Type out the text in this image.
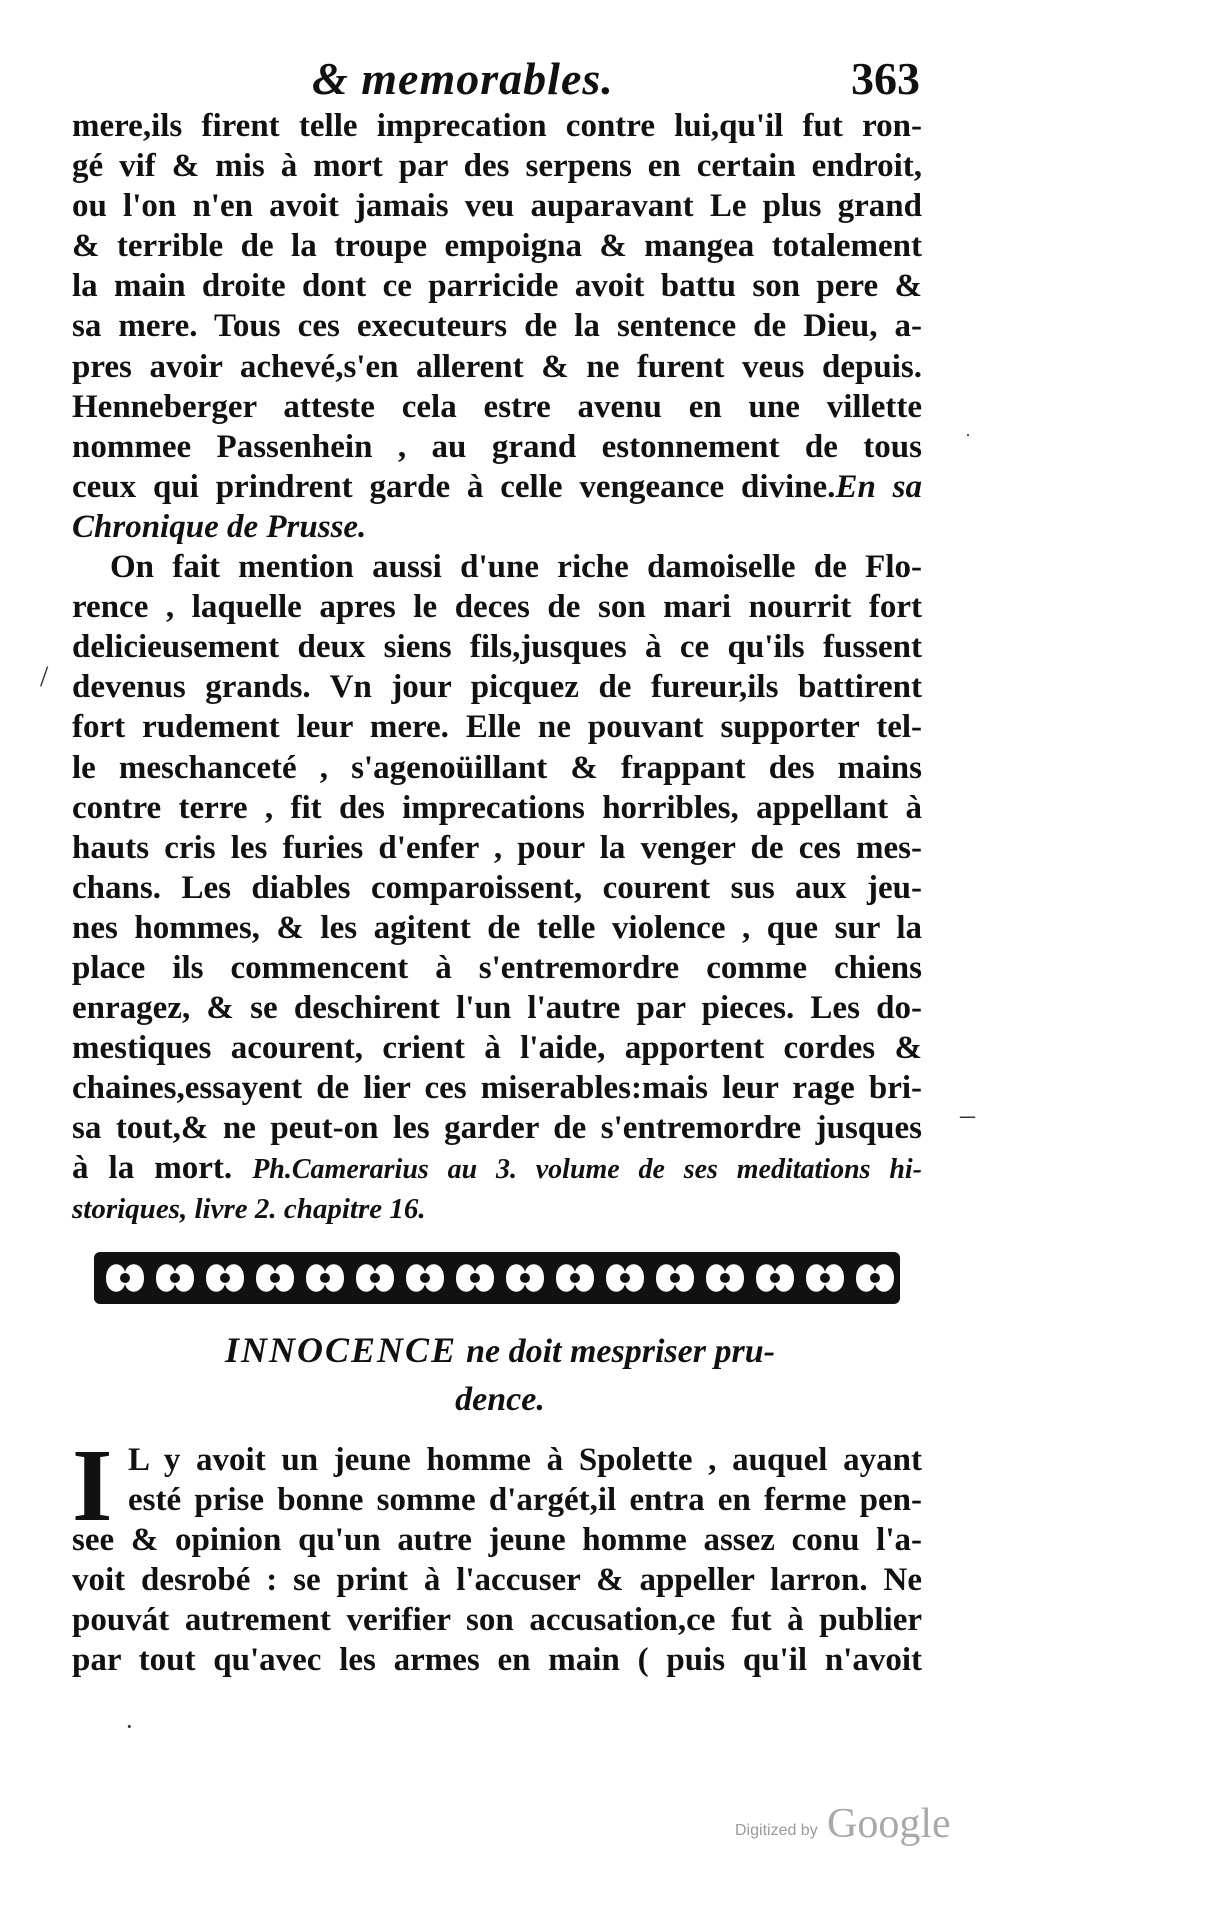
& memorables.	363
mere,ils firent telle imprecation contre lui,qu'il fut ron-
gé vif & mis à mort par des serpens en certain endroit,
ou l'on n'en avoit jamais veu auparavant Le plus grand
& terrible de la troupe empoigna & mangea totalement
la main droite dont ce parricide avoit battu son pere &
sa mere. Tous ces executeurs de la sentence de Dieu, a-
pres avoir achevé,s'en allerent & ne furent veus depuis.
Henneberger atteste cela estre avenu en une villette
nommee Passenhein , au grand estonnement de tous
ceux qui prindrent garde à celle vengeance divine.En sa
Chronique de Prusse.
On fait mention aussi d'une riche damoiselle de Flo-
rence , laquelle apres le deces de son mari nourrit fort
delicieusement deux siens fils,jusques à ce qu'ils fussent
devenus grands. Vn jour picquez de fureur,ils battirent
fort rudement leur mere. Elle ne pouvant supporter tel-
le meschanceté , s'agenoüillant & frappant des mains
contre terre , fit des imprecations horribles, appellant à
hauts cris les furies d'enfer , pour la venger de ces mes-
chans. Les diables comparoissent, courent sus aux jeu-
nes hommes, & les agitent de telle violence , que sur la
place ils commencent à s'entremordre comme chiens
enragez, & se deschirent l'un l'autre par pieces. Les do-
mestiques acourent, crient à l'aide, apportent cordes &
chaines,essayent de lier ces miserables:mais leur rage bri-
sa tout,& ne peut-on les garder de s'entremordre jusques
à la mort. Ph.Camerarius au 3. volume de ses meditations hi-
storiques, livre 2. chapitre 16.
INNOCENCE ne doit mespriser pru-
dence.
I L y avoit un jeune homme à Spolette , auquel ayant
esté prise bonne somme d'argét,il entra en ferme pen-
see & opinion qu'un autre jeune homme assez conu l'a-
voit desrobé : se print à l'accuser & appeller larron. Ne
pouvát autrement verifier son accusation,ce fut à publier
par tout qu'avec les armes en main ( puis qu'il n'avoit
/
–
·
·
Digitized by Google
